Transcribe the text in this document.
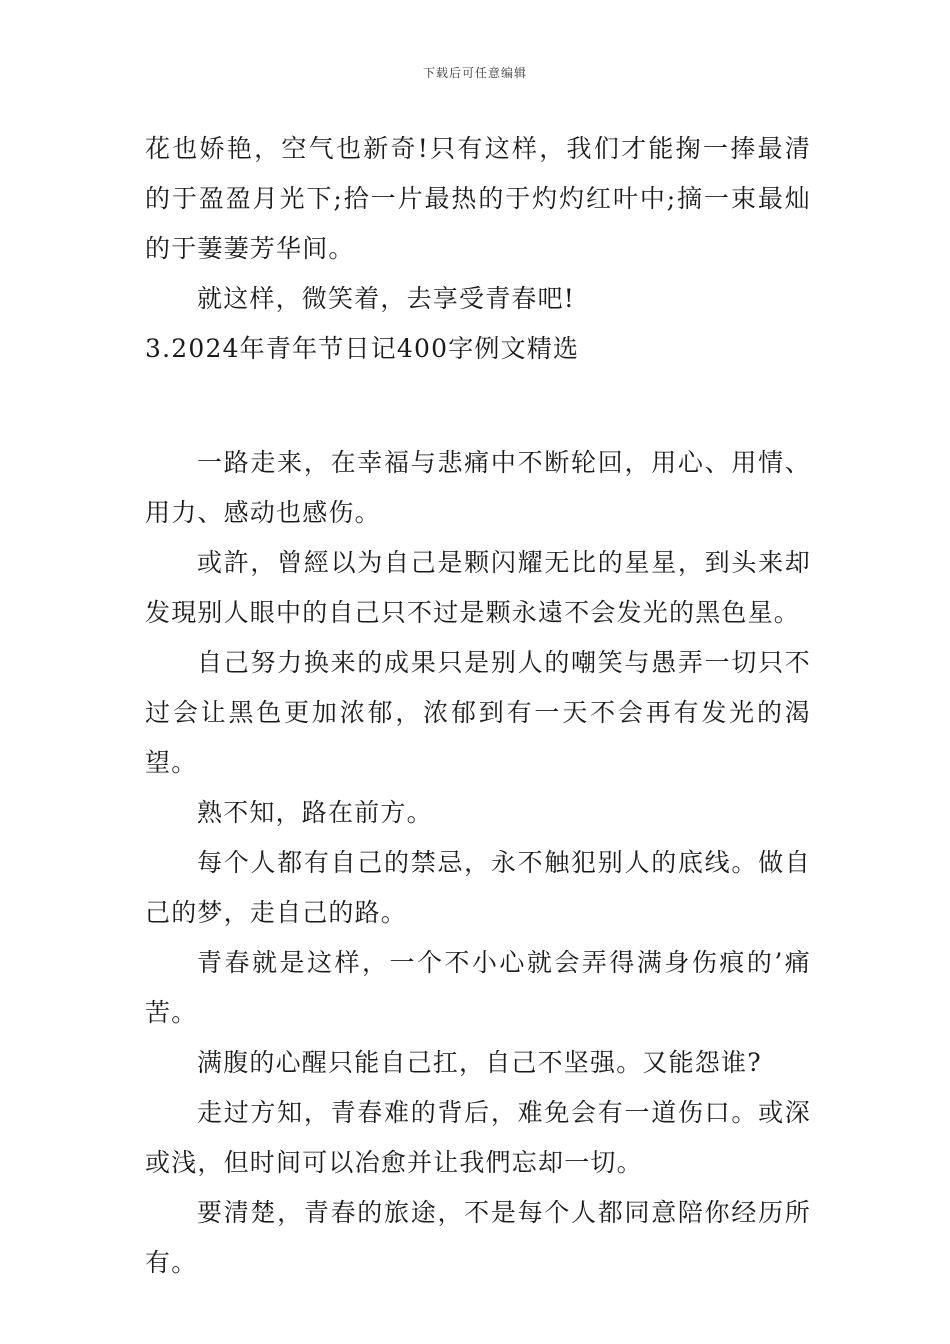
下载后可任意编辑

花也娇艳，空气也新奇!只有这样，我们才能掬一捧最清的于盈盈月光下;拾一片最热的于灼灼红叶中;摘一束最灿的于萋萋芳华间。

就这样，微笑着，去享受青春吧!

3.2024年青年节日记400字例文精选

一路走来，在幸福与悲痛中不断轮回，用心、用情、用力、感动也感伤。

或許，曾經以为自己是颗闪耀无比的星星，到头来却发現别人眼中的自己只不过是颗永遠不会发光的黑色星。

自己努力换来的成果只是别人的嘲笑与愚弄一切只不过会让黑色更加浓郁，浓郁到有一天不会再有发光的渴望。

熟不知，路在前方。

每个人都有自己的禁忌，永不触犯别人的底线。做自己的梦，走自己的路。

青春就是这样，一个不小心就会弄得满身伤痕的’痛苦。

满腹的心醒只能自己扛，自己不坚强。又能怨谁?

走过方知，青春难的背后，难免会有一道伤口。或深或浅，但时间可以冶愈并让我們忘却一切。

要清楚，青春的旅途，不是每个人都同意陪你经历所有。
